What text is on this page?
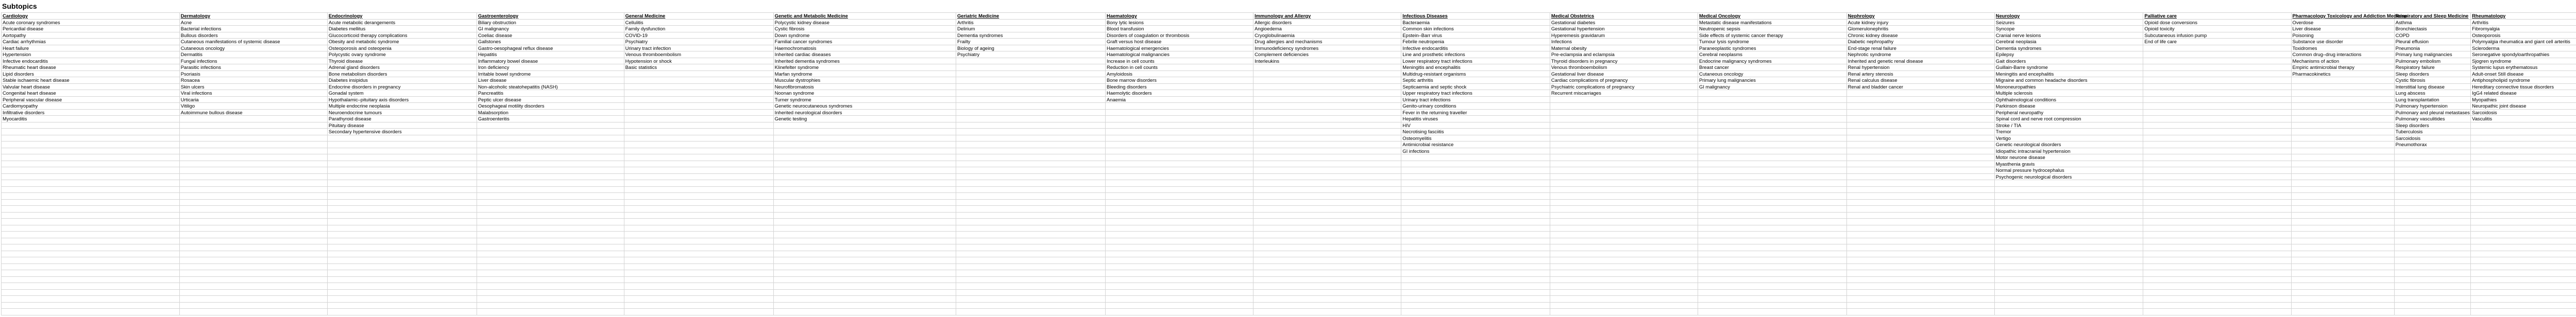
Subtopics
Cardiology	Dermatology	Endocrinology	Gastroenterology	General Medicine	Genetic and Metabolic Medicine	Geriatric Medicine	Haematology	Immunology and Allergy	Infectious Diseases	Medical Obstetrics	Medical Oncology	Nephrology	Neurology	Palliative care	Pharmacology Toxicology and Addiction Medicine	Respiratory and Sleep Medicine	Rheumatology
Acute coronary syndromes	Acne	Acute metabolic derangements	Biliary obstruction	Cellulitis	Polycystic kidney disease	Arthritis	Bony lytic lesions	Allergic disorders	Bacteraemia	Gestational diabetes	Metastatic disease manifestations	Acute kidney injury	Seizures	Opioid dose conversions	Overdose	Asthma	Arthritis
Pericardial disease	Bacterial infections	Diabetes mellitus	GI malignancy	Family dysfunction	Cystic fibrosis	Delirium	Blood transfusion	Angioedema	Common skin infections	Gestational hypertension	Neutropenic sepsis	Glomerulonephritis	Syncope	Opioid toxicity	Liver disease	Bronchiectasis	Fibromyalgia
Aortopathy	Bullous disorders	Glucocorticoid therapy complications	Coeliac disease	COVID-19	Down syndrome	Dementia syndromes	Disorders of coagulation or thrombosis	Cryoglobulinaemia	Epstein–Barr virus	Hyperemesis gravidarum	Side effects of systemic cancer therapy	Chronic kidney disease	Cranial nerve lesions	Subcutaneous infusion pump	Poisoning	COPD	Osteoporosis
Cardiac arrhythmias	Cutaneous manifestations of systemic disease	Obesity and metabolic syndrome	Gallstones	Psychiatry	Familial cancer syndromes	Frailty	Graft versus host disease	Drug allergies and mechanisms	Febrile neutropenia	Infections	Tumour lysis syndrome	Diabetic nephropathy	Cerebral neoplasia	End of life care	Substance use disorder	Pleural effusion	Polymyalgia rheumatica and giant cell arteritis
Heart failure	Cutaneous oncology	Osteoporosis and osteopenia	Gastro-oesophageal reflux disease	Urinary tract infection	Haemochromatosis	Biology of ageing	Haematological emergencies	Immunodeficiency syndromes	Infective endocarditis	Maternal obesity	Paraneoplastic syndromes	End-stage renal failure	Dementia syndromes		Toxidromes	Pneumonia	Scleroderma
Hypertension	Dermatitis	Polycystic ovary syndrome	Hepatitis	Venous thromboembolism	Inherited cardiac diseases	Psychiatry	Haematological malignancies	Complement deficiencies	Line and prosthetic infections	Pre-eclampsia and eclampsia	Cerebral neoplasms	Nephrotic syndrome	Epilepsy		Common drug–drug interactions	Primary lung malignancies	Seronegative spondyloarthropathies
Infective endocarditis	Fungal infections	Thyroid disease	Inflammatory bowel disease	Hypotension or shock	Inherited dementia syndromes		Increase in cell counts	Interleukins	Lower respiratory tract infections	Thyroid disorders in pregnancy	Endocrine malignancy syndromes	Inherited and genetic renal disease	Gait disorders		Mechanisms of action	Pulmonary embolism	Sjogren syndrome
Rheumatic heart disease	Parasitic infections	Adrenal gland disorders	Iron deficiency	Basic statistics	Klinefelter syndrome		Reduction in cell counts		Meningitis and encephalitis	Venous thromboembolism	Breast cancer	Renal hypertension	Guillain-Barre syndrome		Empiric antimicrobial therapy	Respiratory failure	Systemic lupus erythematosus
Lipid disorders	Psoriasis	Bone metabolism disorders	Irritable bowel syndrome		Marfan syndrome		Amyloidosis		Multidrug-resistant organisms	Gestational liver disease	Cutaneous oncology	Renal artery stenosis	Meningitis and encephalitis		Pharmacokinetics	Sleep disorders	Adult-onset Still disease
Stable ischaemic heart disease	Rosacea	Diabetes insipidus	Liver disease		Muscular dystrophies		Bone marrow disorders		Septic arthritis	Cardiac complications of pregnancy	Primary lung malignancies	Renal calculus disease	Migraine and common headache disorders			Cystic fibrosis	Antiphospholipid syndrome
Valvular heart disease	Skin ulcers	Endocrine disorders in pregnancy	Non-alcoholic steatohepatitis (NASH)		Neurofibromatosis		Bleeding disorders		Septicaemia and septic shock	Psychiatric complications of pregnancy	GI malignancy	Renal and bladder cancer	Mononeuropathies			Interstitial lung disease	Hereditary connective tissue disorders
Congenital heart disease	Viral infections	Gonadal system	Pancreatitis		Noonan syndrome		Haemolytic disorders		Upper respiratory tract infections	Recurrent miscarriages			Multiple sclerosis			Lung abscess	IgG4 related disease
Peripheral vascular disease	Urticaria	Hypothalamic–pituitary axis disorders	Peptic ulcer disease		Turner syndrome		Anaemia		Urinary tract infections				Ophthalmological conditions			Lung transplantation	Myopathies
Cardiomyopathy	Vitiligo	Multiple endocrine neoplasia	Oesophageal motility disorders		Genetic neurocutaneous syndromes				Genito-urinary conditions				Parkinson disease			Pulmonary hypertension	Neuropathic joint disease
Infiltrative disorders	Autoimmune bullous disease	Neuroendocrine tumours	Malabsorption		Inherited neurological disorders				Fever in the returning traveller				Peripheral neuropathy			Pulmonary and pleural metastases	Sarcoidosis
Myocarditis		Parathyroid disease	Gastroenteritis		Genetic testing				Hepatitis viruses				Spinal cord and nerve root compression			Pulmonary vasculitides	Vasculitis
		Pituitary disease							HIV				Stroke / TIA			Sleep disorders	
		Secondary hypertensive disorders							Necrotising fasciitis				Tremor			Tuberculosis	
									Osteomyelitis				Vertigo			Sarcoidosis	
									Antimicrobial resistance				Genetic neurological disorders			Pneumothorax	
									GI infections				Idiopathic intracranial hypertension				
													Motor neurone disease				
													Myasthenia gravis				
													Normal pressure hydrocephalus				
													Psychogenic neurological disorders				
